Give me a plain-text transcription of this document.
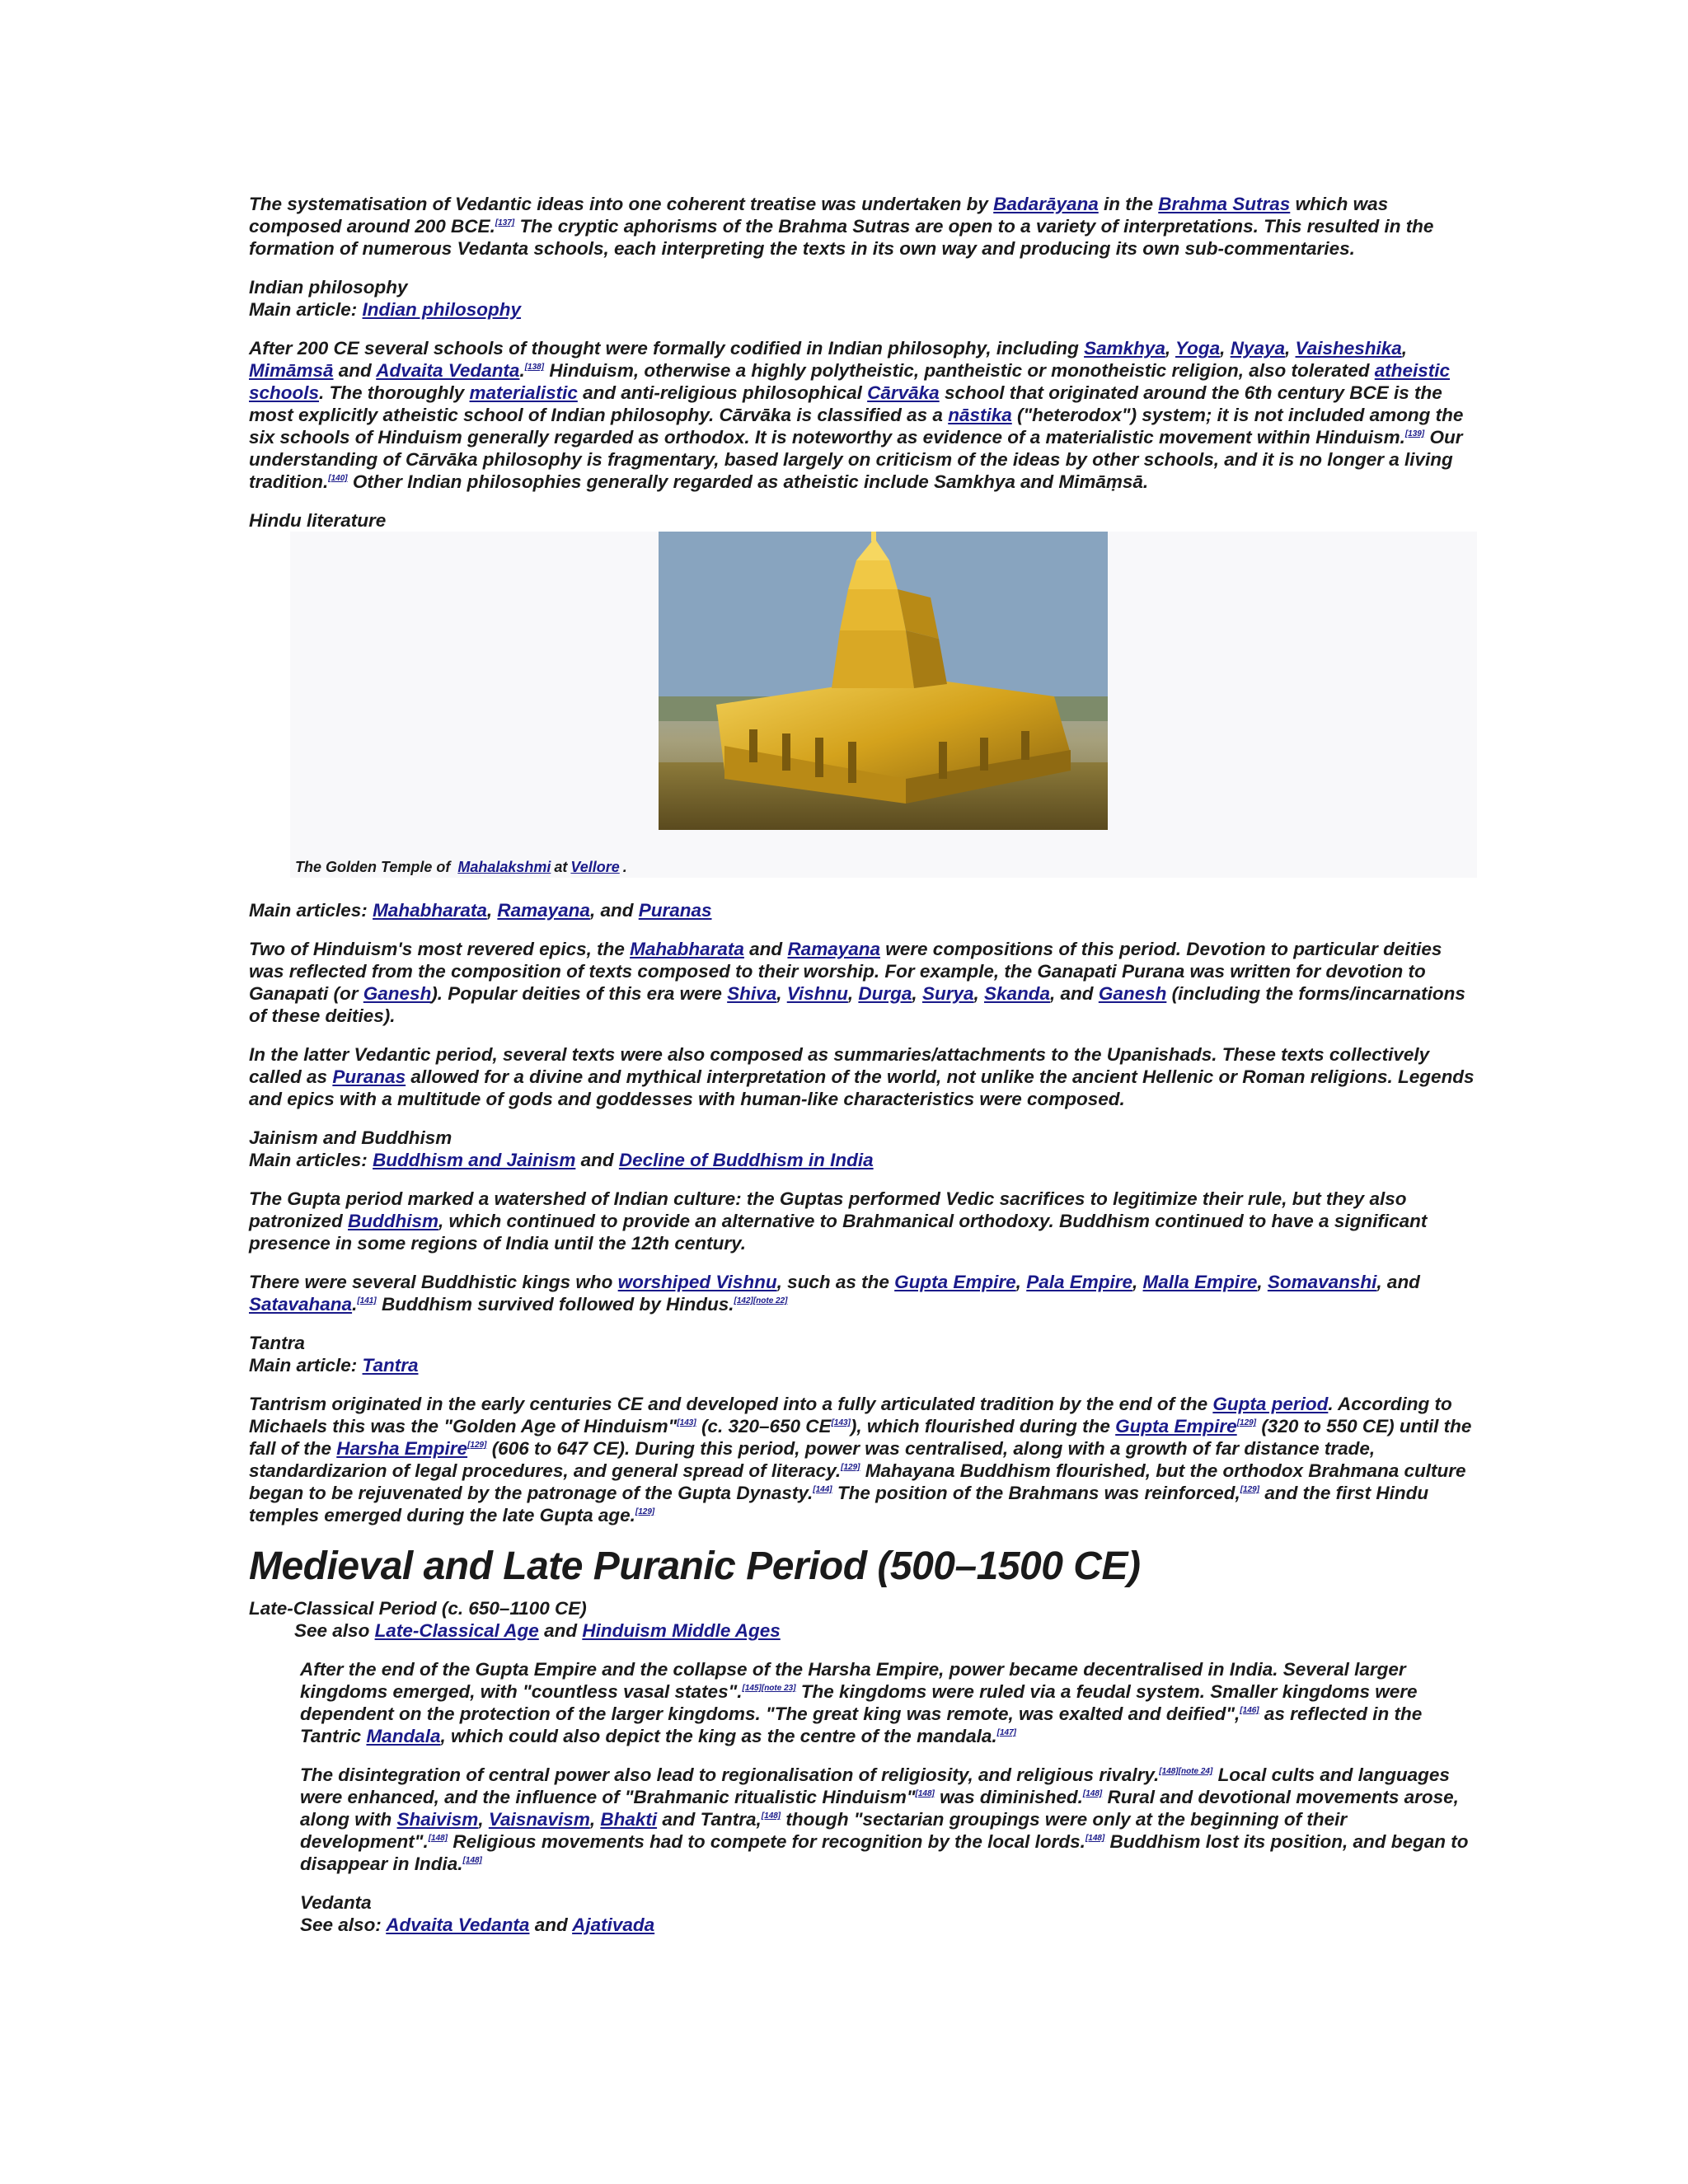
The systematisation of Vedantic ideas into one coherent treatise was undertaken by Badarāyana in the Brahma Sutras which was composed around 200 BCE.[137] The cryptic aphorisms of the Brahma Sutras are open to a variety of interpretations. This resulted in the formation of numerous Vedanta schools, each interpreting the texts in its own way and producing its own sub-commentaries.

Indian philosophy
Main article: Indian philosophy

After 200 CE several schools of thought were formally codified in Indian philosophy, including Samkhya, Yoga, Nyaya, Vaisheshika, Mimāmsā and Advaita Vedanta.[138] Hinduism, otherwise a highly polytheistic, pantheistic or monotheistic religion, also tolerated atheistic schools. The thoroughly materialistic and anti-religious philosophical Cārvāka school that originated around the 6th century BCE is the most explicitly atheistic school of Indian philosophy. Cārvāka is classified as a nāstika ("heterodox") system; it is not included among the six schools of Hinduism generally regarded as orthodox. It is noteworthy as evidence of a materialistic movement within Hinduism.[139] Our understanding of Cārvāka philosophy is fragmentary, based largely on criticism of the ideas by other schools, and it is no longer a living tradition.[140] Other Indian philosophies generally regarded as atheistic include Samkhya and Mimāṃsā.

Hindu literature
The Golden Temple of Mahalakshmi at Vellore .
Main articles: Mahabharata, Ramayana, and Puranas

Two of Hinduism's most revered epics, the Mahabharata and Ramayana were compositions of this period. Devotion to particular deities was reflected from the composition of texts composed to their worship. For example, the Ganapati Purana was written for devotion to Ganapati (or Ganesh). Popular deities of this era were Shiva, Vishnu, Durga, Surya, Skanda, and Ganesh (including the forms/incarnations of these deities).

In the latter Vedantic period, several texts were also composed as summaries/attachments to the Upanishads. These texts collectively called as Puranas allowed for a divine and mythical interpretation of the world, not unlike the ancient Hellenic or Roman religions. Legends and epics with a multitude of gods and goddesses with human-like characteristics were composed.

Jainism and Buddhism
Main articles: Buddhism and Jainism and Decline of Buddhism in India

The Gupta period marked a watershed of Indian culture: the Guptas performed Vedic sacrifices to legitimize their rule, but they also patronized Buddhism, which continued to provide an alternative to Brahmanical orthodoxy. Buddhism continued to have a significant presence in some regions of India until the 12th century.

There were several Buddhistic kings who worshiped Vishnu, such as the Gupta Empire, Pala Empire, Malla Empire, Somavanshi, and Satavahana.[141] Buddhism survived followed by Hindus.[142][note 22]

Tantra
Main article: Tantra

Tantrism originated in the early centuries CE and developed into a fully articulated tradition by the end of the Gupta period. According to Michaels this was the "Golden Age of Hinduism"[143] (c. 320–650 CE[143]), which flourished during the Gupta Empire[129] (320 to 550 CE) until the fall of the Harsha Empire[129] (606 to 647 CE). During this period, power was centralised, along with a growth of far distance trade, standardizarion of legal procedures, and general spread of literacy.[129] Mahayana Buddhism flourished, but the orthodox Brahmana culture began to be rejuvenated by the patronage of the Gupta Dynasty.[144] The position of the Brahmans was reinforced,[129] and the first Hindu temples emerged during the late Gupta age.[129]

Medieval and Late Puranic Period (500–1500 CE)
Late-Classical Period (c. 650–1100 CE)
See also Late-Classical Age and Hinduism Middle Ages

After the end of the Gupta Empire and the collapse of the Harsha Empire, power became decentralised in India. Several larger kingdoms emerged, with "countless vasal states".[145][note 23] The kingdoms were ruled via a feudal system. Smaller kingdoms were dependent on the protection of the larger kingdoms. "The great king was remote, was exalted and deified",[146] as reflected in the Tantric Mandala, which could also depict the king as the centre of the mandala.[147]

The disintegration of central power also lead to regionalisation of religiosity, and religious rivalry.[148][note 24] Local cults and languages were enhanced, and the influence of "Brahmanic ritualistic Hinduism"[148] was diminished.[148] Rural and devotional movements arose, along with Shaivism, Vaisnavism, Bhakti and Tantra,[148] though "sectarian groupings were only at the beginning of their development".[148] Religious movements had to compete for recognition by the local lords.[148] Buddhism lost its position, and began to disappear in India.[148]

Vedanta
See also: Advaita Vedanta and Ajativada
